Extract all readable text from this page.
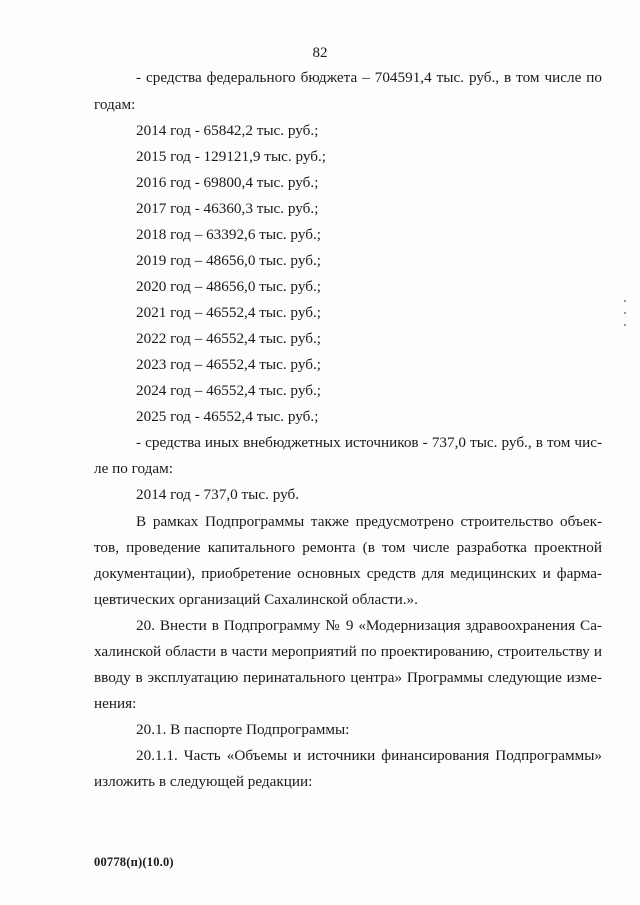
82
- средства федерального бюджета – 704591,4 тыс. руб., в том числе по
годам:
2014 год - 65842,2 тыс. руб.;
2015 год - 129121,9 тыс. руб.;
2016 год - 69800,4 тыс. руб.;
2017 год - 46360,3 тыс. руб.;
2018 год – 63392,6 тыс. руб.;
2019 год – 48656,0 тыс. руб.;
2020 год – 48656,0 тыс. руб.;
2021 год – 46552,4 тыс. руб.;
2022 год – 46552,4 тыс. руб.;
2023 год – 46552,4 тыс. руб.;
2024 год – 46552,4 тыс. руб.;
2025 год - 46552,4 тыс. руб.;
- средства иных внебюджетных источников - 737,0 тыс. руб., в том чис-
ле по годам:
2014 год - 737,0 тыс. руб.
В рамках Подпрограммы также предусмотрено строительство объек-
тов, проведение капитального ремонта (в том числе разработка проектной
документации), приобретение основных средств для медицинских и фарма-
цевтических организаций Сахалинской области.».
20. Внести в Подпрограмму № 9 «Модернизация здравоохранения Са-
халинской области в части мероприятий по проектированию, строительству и
вводу в эксплуатацию перинатального центра» Программы следующие изме-
нения:
20.1. В паспорте Подпрограммы:
20.1.1. Часть «Объемы и источники финансирования Подпрограммы»
изложить в следующей редакции:
00778(п)(10.0)
